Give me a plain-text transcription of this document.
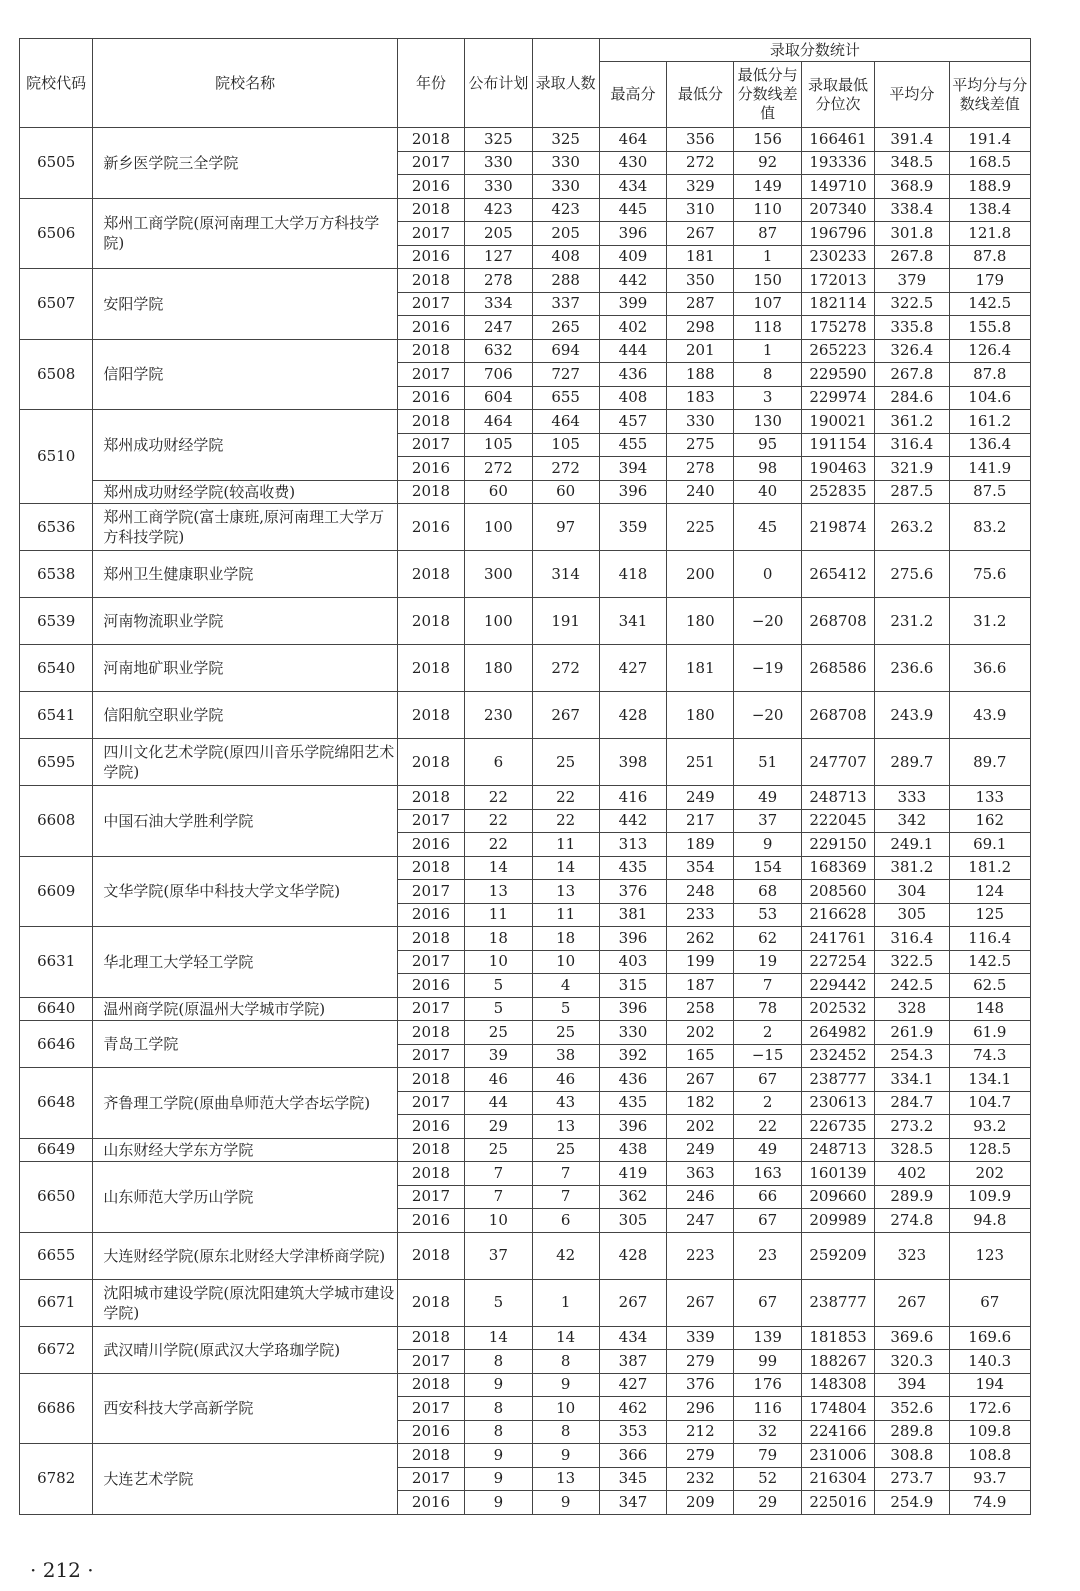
院校代码	院校名称	年份	公布计划	录取人数	录取分数统计					
					最高分	最低分	最低分与分数线差值	录取最低分位次	平均分	平均分与分数线差值
6505	新乡医学院三全学院	2018	325	325	464	356	156	166461	391.4	191.4
		2017	330	330	430	272	92	193336	348.5	168.5
		2016	330	330	434	329	149	149710	368.9	188.9
6506	郑州工商学院(原河南理工大学万方科技学院)	2018	423	423	445	310	110	207340	338.4	138.4
		2017	205	205	396	267	87	196796	301.8	121.8
		2016	127	408	409	181	1	230233	267.8	87.8
6507	安阳学院	2018	278	288	442	350	150	172013	379	179
		2017	334	337	399	287	107	182114	322.5	142.5
		2016	247	265	402	298	118	175278	335.8	155.8
6508	信阳学院	2018	632	694	444	201	1	265223	326.4	126.4
		2017	706	727	436	188	8	229590	267.8	87.8
		2016	604	655	408	183	3	229974	284.6	104.6
6510	郑州成功财经学院	2018	464	464	457	330	130	190021	361.2	161.2
		2017	105	105	455	275	95	191154	316.4	136.4
		2016	272	272	394	278	98	190463	321.9	141.9
	郑州成功财经学院(较高收费)	2018	60	60	396	240	40	252835	287.5	87.5
6536	郑州工商学院(富士康班,原河南理工大学万方科技学院)	2016	100	97	359	225	45	219874	263.2	83.2
6538	郑州卫生健康职业学院	2018	300	314	418	200	0	265412	275.6	75.6
6539	河南物流职业学院	2018	100	191	341	180	−20	268708	231.2	31.2
6540	河南地矿职业学院	2018	180	272	427	181	−19	268586	236.6	36.6
6541	信阳航空职业学院	2018	230	267	428	180	−20	268708	243.9	43.9
6595	四川文化艺术学院(原四川音乐学院绵阳艺术学院)	2018	6	25	398	251	51	247707	289.7	89.7
6608	中国石油大学胜利学院	2018	22	22	416	249	49	248713	333	133
		2017	22	22	442	217	37	222045	342	162
		2016	22	11	313	189	9	229150	249.1	69.1
6609	文华学院(原华中科技大学文华学院)	2018	14	14	435	354	154	168369	381.2	181.2
		2017	13	13	376	248	68	208560	304	124
		2016	11	11	381	233	53	216628	305	125
6631	华北理工大学轻工学院	2018	18	18	396	262	62	241761	316.4	116.4
		2017	10	10	403	199	19	227254	322.5	142.5
		2016	5	4	315	187	7	229442	242.5	62.5
6640	温州商学院(原温州大学城市学院)	2017	5	5	396	258	78	202532	328	148
6646	青岛工学院	2018	25	25	330	202	2	264982	261.9	61.9
		2017	39	38	392	165	−15	232452	254.3	74.3
6648	齐鲁理工学院(原曲阜师范大学杏坛学院)	2018	46	46	436	267	67	238777	334.1	134.1
		2017	44	43	435	182	2	230613	284.7	104.7
		2016	29	13	396	202	22	226735	273.2	93.2
6649	山东财经大学东方学院	2018	25	25	438	249	49	248713	328.5	128.5
6650	山东师范大学历山学院	2018	7	7	419	363	163	160139	402	202
		2017	7	7	362	246	66	209660	289.9	109.9
		2016	10	6	305	247	67	209989	274.8	94.8
6655	大连财经学院(原东北财经大学津桥商学院)	2018	37	42	428	223	23	259209	323	123
6671	沈阳城市建设学院(原沈阳建筑大学城市建设学院)	2018	5	1	267	267	67	238777	267	67
6672	武汉晴川学院(原武汉大学珞珈学院)	2018	14	14	434	339	139	181853	369.6	169.6
		2017	8	8	387	279	99	188267	320.3	140.3
6686	西安科技大学高新学院	2018	9	9	427	376	176	148308	394	194
		2017	8	10	462	296	116	174804	352.6	172.6
		2016	8	8	353	212	32	224166	289.8	109.8
6782	大连艺术学院	2018	9	9	366	279	79	231006	308.8	108.8
		2017	9	13	345	232	52	216304	273.7	93.7
		2016	9	9	347	209	29	225016	254.9	74.9
· 212 ·
